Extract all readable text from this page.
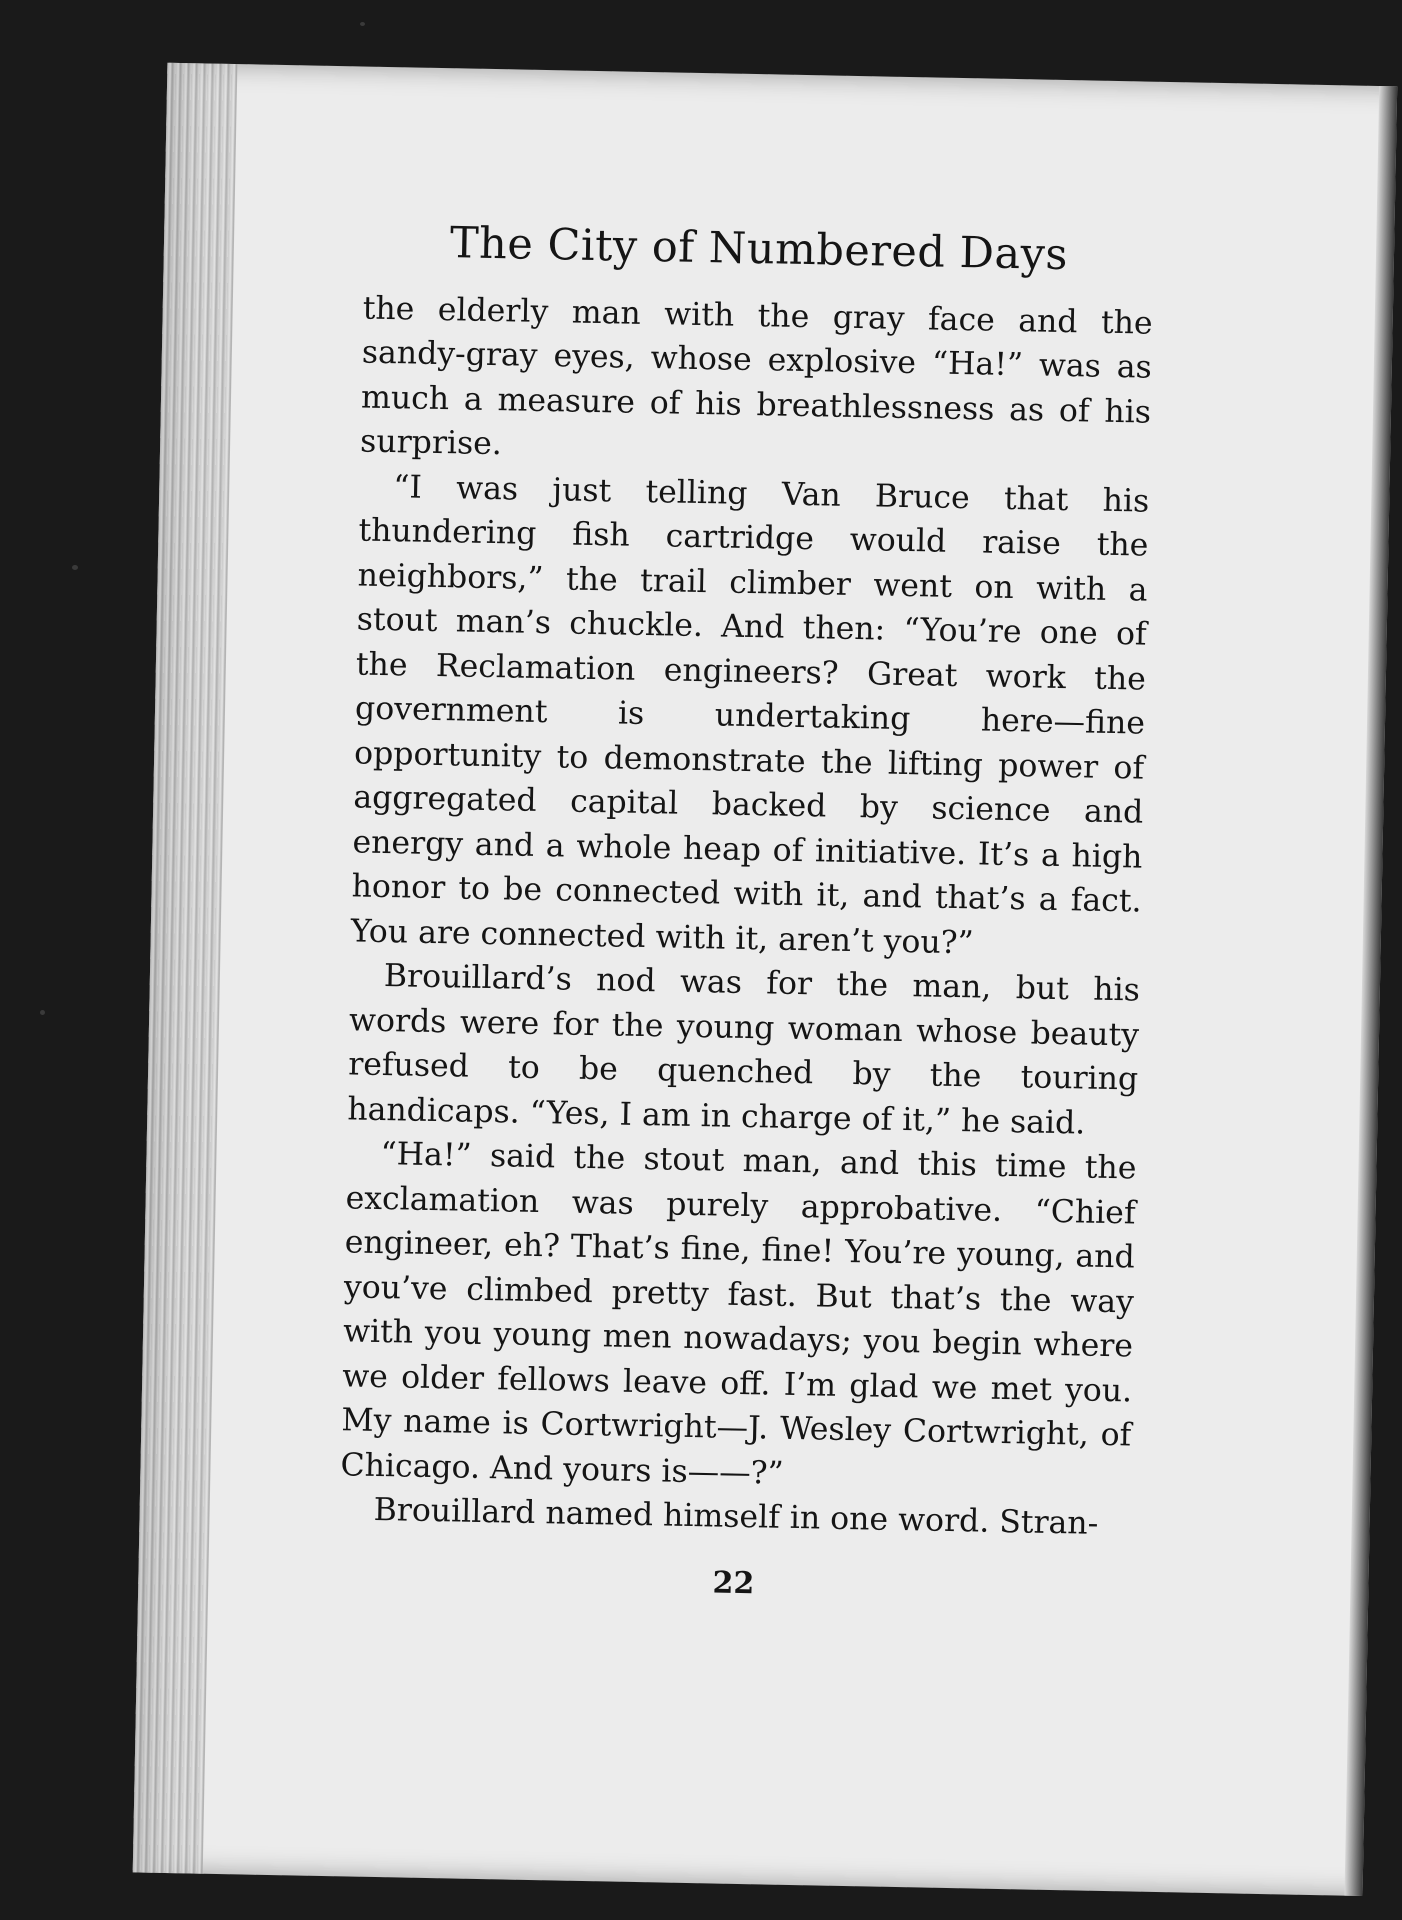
The City of Numbered Days

the elderly man with the gray face and the sandy-gray eyes, whose explosive “Ha!” was as much a measure of his breathlessness as of his surprise.

“I was just telling Van Bruce that his thundering fish cartridge would raise the neighbors,” the trail climber went on with a stout man’s chuckle. And then: “You’re one of the Reclamation engineers? Great work the government is undertaking here—fine opportunity to demonstrate the lifting power of aggregated capital backed by science and energy and a whole heap of initiative. It’s a high honor to be connected with it, and that’s a fact. You are connected with it, aren’t you?”

Brouillard’s nod was for the man, but his words were for the young woman whose beauty refused to be quenched by the touring handicaps. “Yes, I am in charge of it,” he said.

“Ha!” said the stout man, and this time the exclamation was purely approbative. “Chief engineer, eh? That’s fine, fine! You’re young, and you’ve climbed pretty fast. But that’s the way with you young men nowadays; you begin where we older fellows leave off. I’m glad we met you. My name is Cortwright—J. Wesley Cortwright, of Chicago. And yours is——?”

Brouillard named himself in one word. Stran-

22
